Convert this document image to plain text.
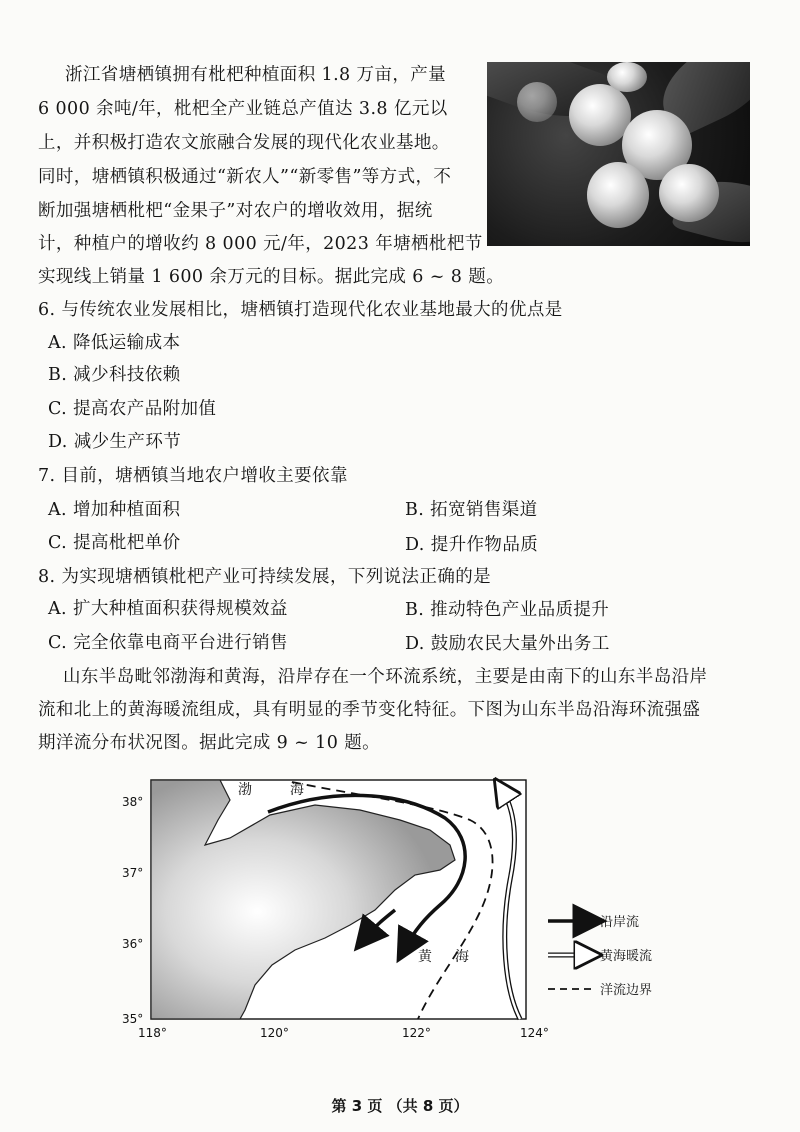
浙江省塘栖镇拥有枇杷种植面积 1.8 万亩，产量
6 000 余吨/年，枇杷全产业链总产值达 3.8 亿元以
上，并积极打造农文旅融合发展的现代化农业基地。
同时，塘栖镇积极通过“新农人”“新零售”等方式，不
断加强塘栖枇杷“金果子”对农户的增收效用，据统
计，种植户的增收约 8 000 元/年，2023 年塘栖枇杷节
实现线上销量 1 600 余万元的目标。据此完成 6 ~ 8 题。
6. 与传统农业发展相比，塘栖镇打造现代化农业基地最大的优点是
A. 降低运输成本
B. 减少科技依赖
C. 提高农产品附加值
D. 减少生产环节
7. 目前，塘栖镇当地农户增收主要依靠
A. 增加种植面积	B. 拓宽销售渠道
C. 提高枇杷单价	D. 提升作物品质
8. 为实现塘栖镇枇杷产业可持续发展，下列说法正确的是
A. 扩大种植面积获得规模效益	B. 推动特色产业品质提升
C. 完全依靠电商平台进行销售	D. 鼓励农民大量外出务工
山东半岛毗邻渤海和黄海，沿岸存在一个环流系统，主要是由南下的山东半岛沿岸
流和北上的黄海暖流组成，具有明显的季节变化特征。下图为山东半岛沿海环流强盛
期洋流分布状况图。据此完成 9 ~ 10 题。
渤	海
黄 海
38°
37°
36°
35°
118°	120°	122°	124°
沿岸流
黄海暖流
洋流边界
第 3 页 （共 8 页）
